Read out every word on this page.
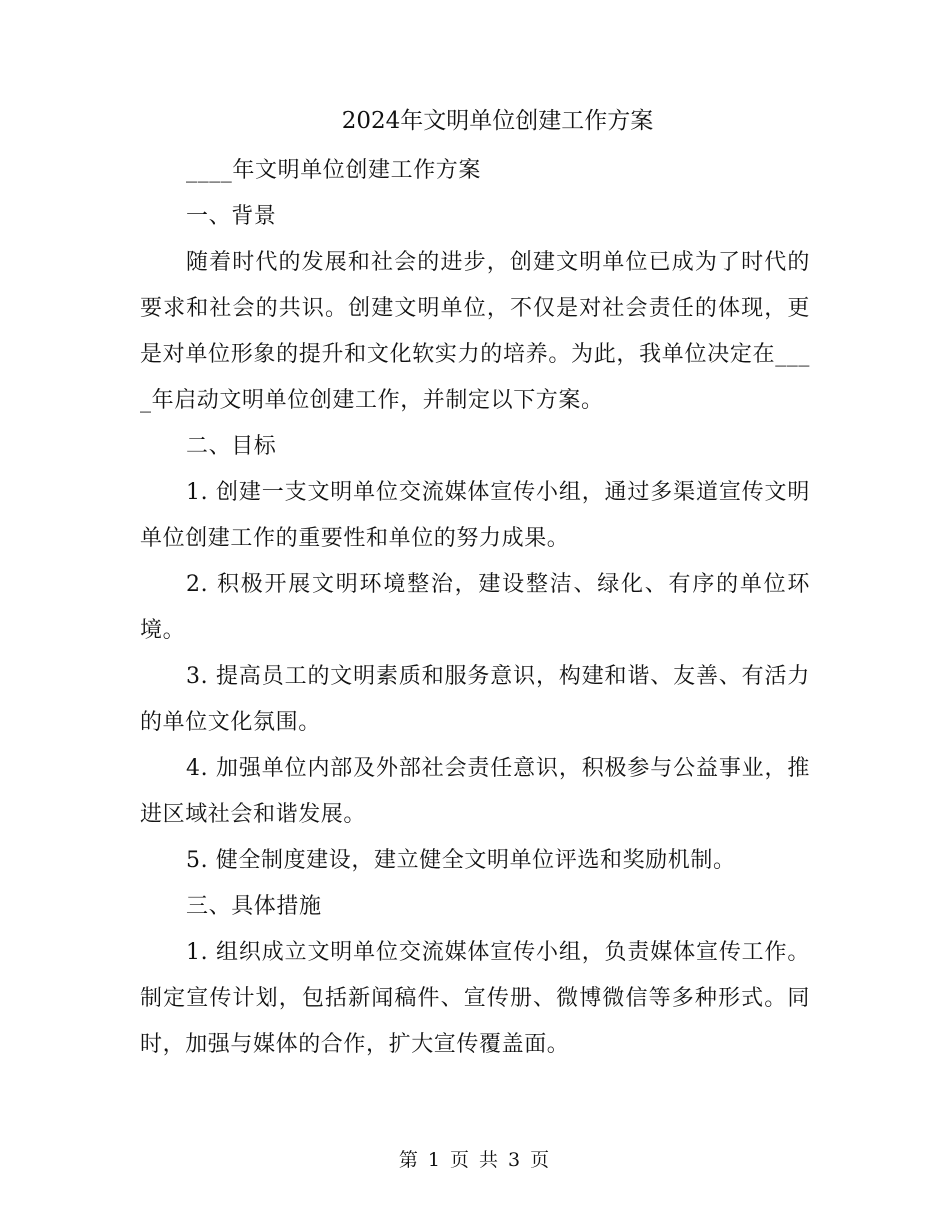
2024年文明单位创建工作方案

____年文明单位创建工作方案

一、背景

随着时代的发展和社会的进步，创建文明单位已成为了时代的要求和社会的共识。创建文明单位，不仅是对社会责任的体现，更是对单位形象的提升和文化软实力的培养。为此，我单位决定在____年启动文明单位创建工作，并制定以下方案。

二、目标

1. 创建一支文明单位交流媒体宣传小组，通过多渠道宣传文明单位创建工作的重要性和单位的努力成果。

2. 积极开展文明环境整治，建设整洁、绿化、有序的单位环境。

3. 提高员工的文明素质和服务意识，构建和谐、友善、有活力的单位文化氛围。

4. 加强单位内部及外部社会责任意识，积极参与公益事业，推进区域社会和谐发展。

5. 健全制度建设，建立健全文明单位评选和奖励机制。

三、具体措施

1. 组织成立文明单位交流媒体宣传小组，负责媒体宣传工作。制定宣传计划，包括新闻稿件、宣传册、微博微信等多种形式。同时，加强与媒体的合作，扩大宣传覆盖面。

第 1 页 共 3 页
